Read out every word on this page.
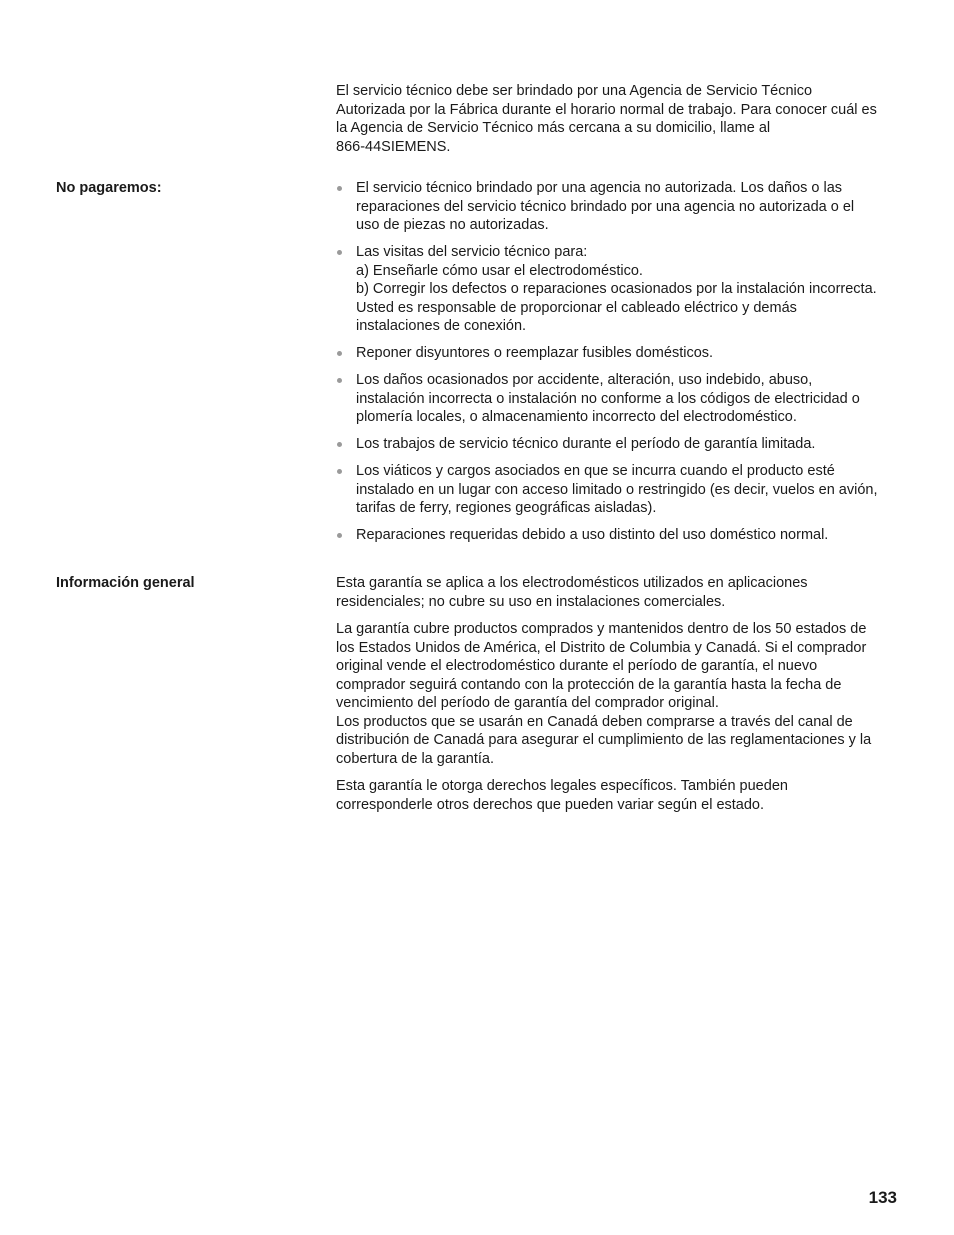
El servicio técnico debe ser brindado por una Agencia de Servicio Técnico
Autorizada por la Fábrica durante el horario normal de trabajo. Para conocer cuál es
la Agencia de Servicio Técnico más cercana a su domicilio, llame al
866-44SIEMENS.

No pagaremos:	El servicio técnico brindado por una agencia no autorizada. Los daños o las
reparaciones del servicio técnico brindado por una agencia no autorizada o el
uso de piezas no autorizadas.
Las visitas del servicio técnico para:
a) Enseñarle cómo usar el electrodoméstico.
b) Corregir los defectos o reparaciones ocasionados por la instalación incorrecta.
Usted es responsable de proporcionar el cableado eléctrico y demás
instalaciones de conexión.
Reponer disyuntores o reemplazar fusibles domésticos.
Los daños ocasionados por accidente, alteración, uso indebido, abuso,
instalación incorrecta o instalación no conforme a los códigos de electricidad o
plomería locales, o almacenamiento incorrecto del electrodoméstico.
Los trabajos de servicio técnico durante el período de garantía limitada.
Los viáticos y cargos asociados en que se incurra cuando el producto esté
instalado en un lugar con acceso limitado o restringido (es decir, vuelos en avión,
tarifas de ferry, regiones geográficas aisladas).
Reparaciones requeridas debido a uso distinto del uso doméstico normal.
Información general	Esta garantía se aplica a los electrodomésticos utilizados en aplicaciones
residenciales; no cubre su uso en instalaciones comerciales.

La garantía cubre productos comprados y mantenidos dentro de los 50 estados de
los Estados Unidos de América, el Distrito de Columbia y Canadá. Si el comprador
original vende el electrodoméstico durante el período de garantía, el nuevo
comprador seguirá contando con la protección de la garantía hasta la fecha de
vencimiento del período de garantía del comprador original.
Los productos que se usarán en Canadá deben comprarse a través del canal de
distribución de Canadá para asegurar el cumplimiento de las reglamentaciones y la
cobertura de la garantía.

Esta garantía le otorga derechos legales específicos. También pueden
corresponderle otros derechos que pueden variar según el estado.

133
